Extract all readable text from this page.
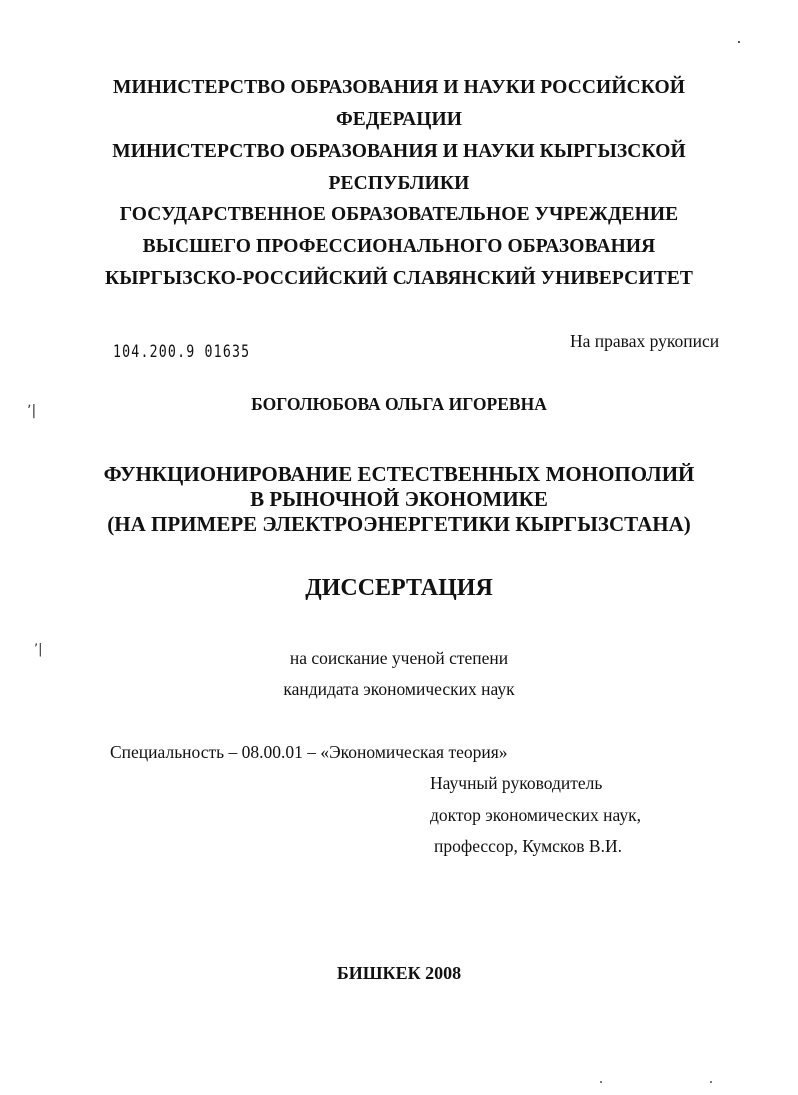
МИНИСТЕРСТВО ОБРАЗОВАНИЯ И НАУКИ РОССИЙСКОЙ
ФЕДЕРАЦИИ
МИНИСТЕРСТВО ОБРАЗОВАНИЯ И НАУКИ КЫРГЫЗСКОЙ
РЕСПУБЛИКИ
ГОСУДАРСТВЕННОЕ ОБРАЗОВАТЕЛЬНОЕ УЧРЕЖДЕНИЕ
ВЫСШЕГО ПРОФЕССИОНАЛЬНОГО ОБРАЗОВАНИЯ
КЫРГЫЗСКО-РОССИЙСКИЙ СЛАВЯНСКИЙ УНИВЕРСИТЕТ
104.200.9 01635
На правах рукописи
ʼ|	БОГОЛЮБОВА ОЛЬГА ИГОРЕВНА
ФУНКЦИОНИРОВАНИЕ ЕСТЕСТВЕННЫХ МОНОПОЛИЙ
В РЫНОЧНОЙ ЭКОНОМИКЕ
(НА ПРИМЕРЕ ЭЛЕКТРОЭНЕРГЕТИКИ КЫРГЫЗСТАНА)
ДИССЕРТАЦИЯ
ʼ|	на соискание ученой степени
кандидата экономических наук
Специальность – 08.00.01 – «Экономическая теория»
Научный руководитель
доктор экономических наук,
профессор, Кумсков В.И.
БИШКЕК 2008
